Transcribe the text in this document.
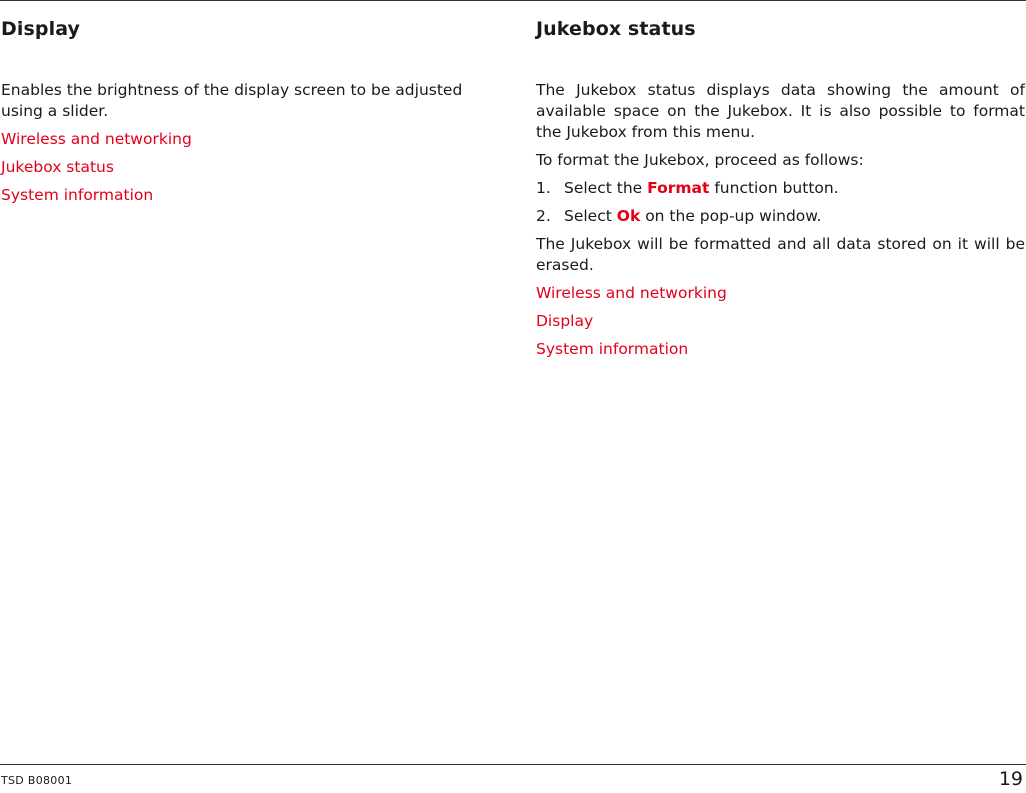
Display

Enables the brightness of the display screen to be adjusted using a slider.

Wireless and networking
Jukebox status
System information
Jukebox status

The Jukebox status displays data showing the amount of available space on the Jukebox. It is also possible to format the Jukebox from this menu.

To format the Jukebox, proceed as follows:

1. Select the Format function button.
2. Select Ok on the pop-up window.

The Jukebox will be formatted and all data stored on it will be erased.

Wireless and networking
Display
System information
TSD B08001	19
